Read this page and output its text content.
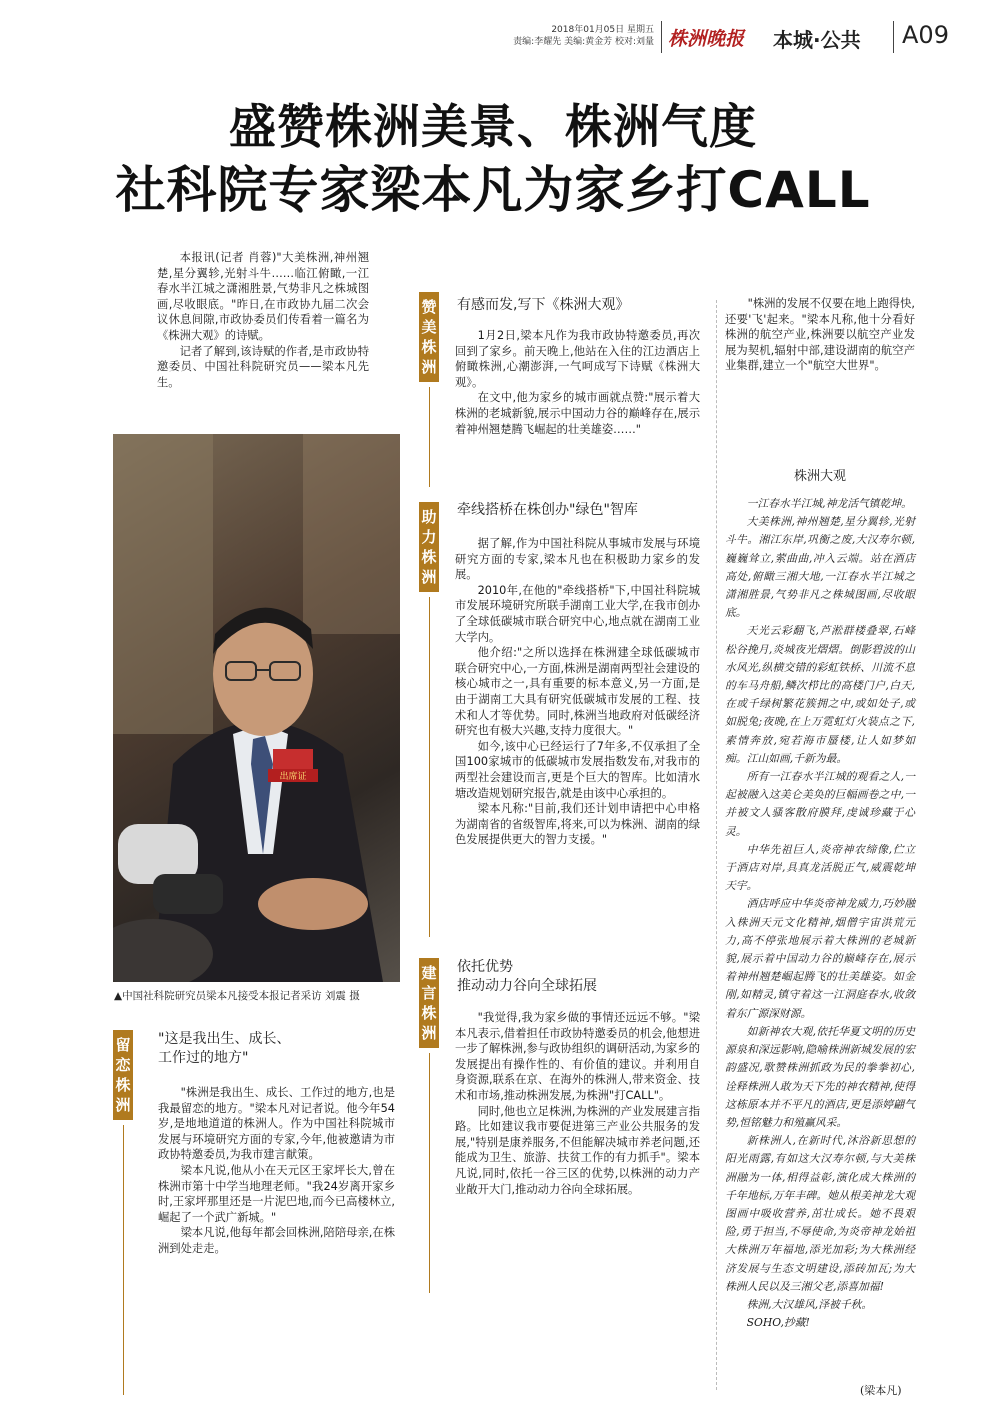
2018年01月05日 星期五
责编:李耀先 美编:黄金芳 校对:刘量 株洲晚报 本城·公共 A09
盛赞株洲美景、株洲气度
社科院专家梁本凡为家乡打CALL

本报讯(记者 肖蓉)"大美株洲,神州翘楚,星分翼轸,光射斗牛……临江俯瞰,一江春水半江城之潇湘胜景,气势非凡之株城图画,尽收眼底。"昨日,在市政协九届二次会议休息间隙,市政协委员们传看着一篇名为《株洲大观》的诗赋。

记者了解到,该诗赋的作者,是市政协特邀委员、中国社科院研究员——梁本凡先生。

出席证
▲中国社科院研究员梁本凡接受本报记者采访 刘震 摄
留恋株洲
"这是我出生、成长、
工作过的地方"

"株洲是我出生、成长、工作过的地方,也是我最留恋的地方。"梁本凡对记者说。他今年54岁,是地地道道的株洲人。作为中国社科院城市发展与环境研究方面的专家,今年,他被邀请为市政协特邀委员,为我市建言献策。

梁本凡说,他从小在天元区王家坪长大,曾在株洲市第十中学当地理老师。"我24岁离开家乡时,王家坪那里还是一片泥巴地,而今已高楼林立,崛起了一个武广新城。"

梁本凡说,他每年都会回株洲,陪陪母亲,在株洲到处走走。

赞美株洲
有感而发,写下《株洲大观》

1月2日,梁本凡作为我市政协特邀委员,再次回到了家乡。前天晚上,他站在入住的江边酒店上俯瞰株洲,心潮澎湃,一气呵成写下诗赋《株洲大观》。

在文中,他为家乡的城市画就点赞:"展示着大株洲的老城新貌,展示中国动力谷的巅峰存在,展示着神州翘楚腾飞崛起的壮美雄姿……"

助力株洲
牵线搭桥在株创办"绿色"智库

据了解,作为中国社科院从事城市发展与环境研究方面的专家,梁本凡也在积极助力家乡的发展。

2010年,在他的"牵线搭桥"下,中国社科院城市发展环境研究所联手湖南工业大学,在我市创办了全球低碳城市联合研究中心,地点就在湖南工业大学内。

他介绍:"之所以选择在株洲建全球低碳城市联合研究中心,一方面,株洲是湖南两型社会建设的核心城市之一,具有重要的标本意义,另一方面,是由于湖南工大具有研究低碳城市发展的工程、技术和人才等优势。同时,株洲当地政府对低碳经济研究也有极大兴趣,支持力度很大。"

如今,该中心已经运行了7年多,不仅承担了全国100家城市的低碳城市发展指数发布,对我市的两型社会建设而言,更是个巨大的智库。比如清水塘改造规划研究报告,就是由该中心承担的。

梁本凡称:"目前,我们还计划申请把中心申格为湖南省的省级智库,将来,可以为株洲、湖南的绿色发展提供更大的智力支援。"

建言株洲
依托优势
推动动力谷向全球拓展

"我觉得,我为家乡做的事情还远远不够。"梁本凡表示,借着担任市政协特邀委员的机会,他想进一步了解株洲,参与政协组织的调研活动,为家乡的发展提出有操作性的、有价值的建议。并利用自身资源,联系在京、在海外的株洲人,带来资金、技术和市场,推动株洲发展,为株洲"打CALL"。

同时,他也立足株洲,为株洲的产业发展建言指路。比如建议我市要促进第三产业公共服务的发展,"特别是康养服务,不但能解决城市养老问题,还能成为卫生、旅游、扶贫工作的有力抓手"。梁本凡说,同时,依托一谷三区的优势,以株洲的动力产业敞开大门,推动动力谷向全球拓展。

"株洲的发展不仅要在地上跑得快,还要'飞'起来。"梁本凡称,他十分看好株洲的航空产业,株洲要以航空产业发展为契机,辐射中部,建设湖南的航空产业集群,建立一个"航空大世界"。

株洲大观

一江春水半江城,神龙活气镇乾坤。

大美株洲,神州翘楚,星分翼轸,光射斗牛。湘江东岸,巩衡之废,大汉寿尔顿,巍巍耸立,萦曲曲,冲入云端。站在酒店高处,俯瞰三湘大地,一江春水半江城之潇湘胜景,气势非凡之株城图画,尽收眼底。

天光云彩翻飞,芦淞群楼叠翠,石峰松谷挽月,炎城夜光熠熠。倒影碧波的山水风光,纵横交错的彩虹铁桥、川流不息的车马舟船,鳞次栉比的高楼门户,白天,在或千绿树繁花簇拥之中,或如处子,或如脱兔;夜晚,在上万霓虹灯火装点之下,素情奔放,宛若海市蜃楼,让人如梦如痴。江山如画,千新为最。

所有一江春水半江城的观看之人,一起被融入这美仑美奂的巨幅画卷之中,一并被文人骚客散府膜拜,虔诚珍藏于心灵。

中华先祖巨人,炎帝神农缔像,伫立于酒店对岸,具真龙活脱正气,威震乾坤天宇。

酒店呼应中华炎帝神龙威力,巧妙融入株洲天元文化精神,烟僧宇宙洪荒元力,高不停张地展示着大株洲的老城新貌,展示着中国动力谷的巅峰存在,展示着神州翘楚崛起腾飞的壮美雄姿。如金刚,如精灵,镇守着这一江洞庭春水,收敛着东广源深财源。

如新神农大观,依托华夏文明的历史源泉和深远影响,隐喻株洲新城发展的宏韵盛况,歌赞株洲抓政为民的拳拳初心,诠释株洲人敢为天下先的神农精神,使得这栋原本并不平凡的酒店,更是添婷翩气势,恒铭魅力和殖赢风采。

新株洲人,在新时代,沐浴新思想的阳光雨露,有如这大汉寿尔顿,与大美株洲融为一体,相得益彰,演化成大株洲的千年地标,万年丰碑。她从根美神龙大观图画中吸收营养,茁壮成长。她不畏艰险,勇于担当,不辱使命,为炎帝神龙始祖大株洲万年福地,添光加彩;为大株洲经济发展与生态文明建设,添砖加瓦;为大株洲人民以及三湘父老,添喜加福!

株洲,大汉雄风,泽被千秋。

SOHO,抄藏!

(梁本凡)
